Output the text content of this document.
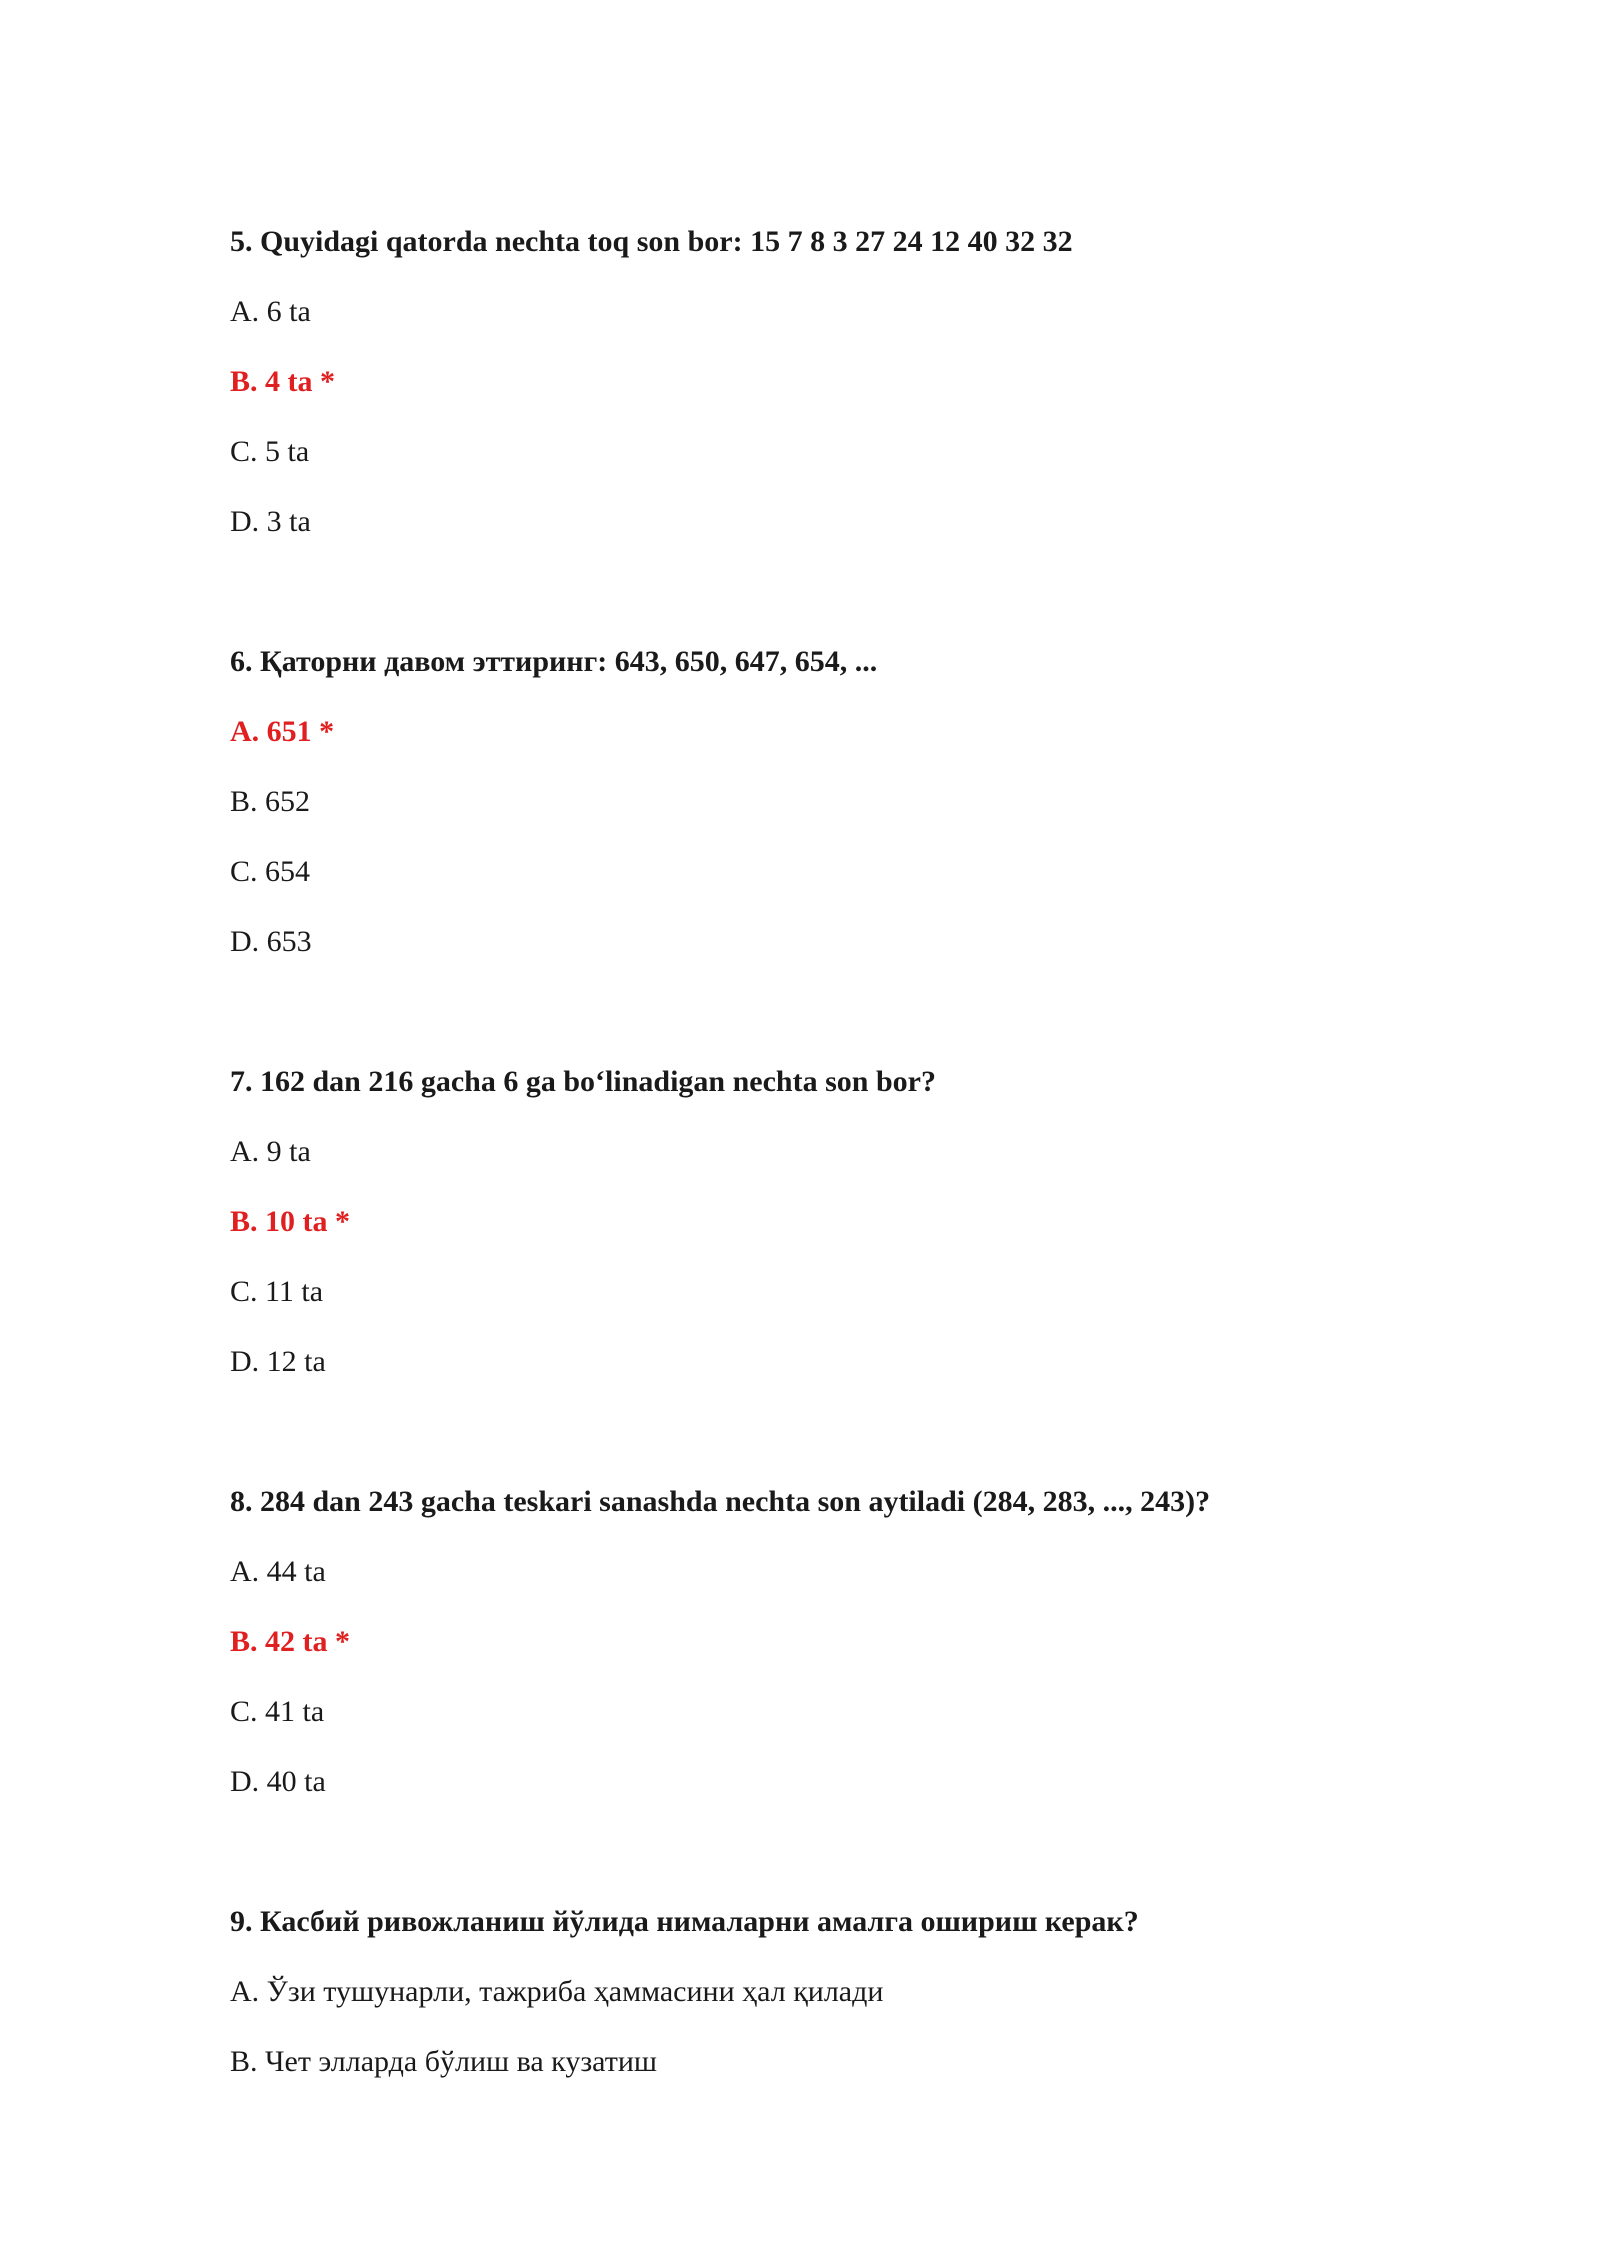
5. Quyidagi qatorda nechta toq son bor: 15 7 8 3 27 24 12 40 32 32

A. 6 ta

B. 4 ta *

C. 5 ta

D. 3 ta

6. Қаторни давом эттиринг: 643, 650, 647, 654, ...

A. 651 *

B. 652

C. 654

D. 653

7. 162 dan 216 gacha 6 ga bo‘linadigan nechta son bor?

A. 9 ta

B. 10 ta *

C. 11 ta

D. 12 ta

8. 284 dan 243 gacha teskari sanashda nechta son aytiladi (284, 283, ..., 243)?

A. 44 ta

B. 42 ta *

C. 41 ta

D. 40 ta

9. Касбий ривожланиш йўлида нималарни амалга ошириш керак?

A. Ўзи тушунарли, тажриба ҳаммасини ҳал қилади

B. Чет элларда бўлиш ва кузатиш
